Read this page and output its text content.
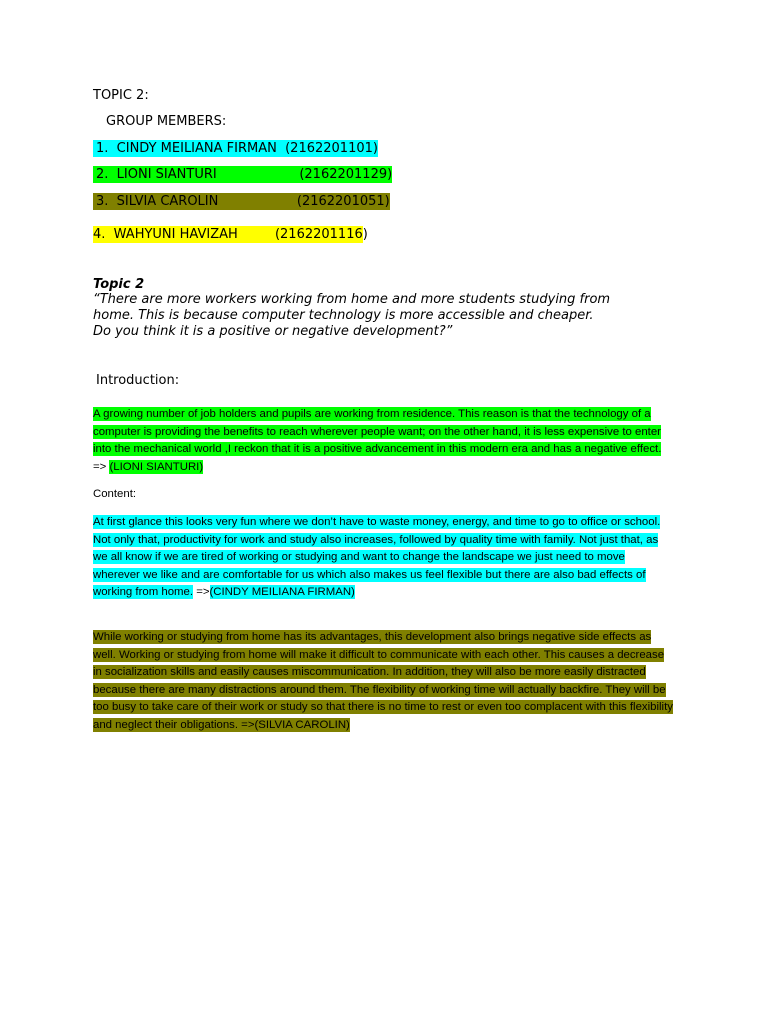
TOPIC 2:
GROUP MEMBERS:
1.  CINDY MEILIANA FIRMAN  (2162201101)
2.  LIONI SIANTURI                    (2162201129)
3.  SILVIA CAROLIN                   (2162201051)
4.  WAHYUNI HAVIZAH         (2162201116)
Topic 2
“There are more workers working from home and more students studying from
home. This is because computer technology is more accessible and cheaper.
Do you think it is a positive or negative development?”
Introduction:
A growing number of job holders and pupils are working from residence. This reason is that the technology of a computer is providing the benefits to reach wherever people want; on the other hand, it is less expensive to enter into the mechanical world ,I reckon that it is a positive advancement in this modern era and has a negative effect. => (LIONI SIANTURI)
Content:
At first glance this looks very fun where we don’t have to waste money, energy, and time to go to office or school. Not only that, productivity for work and study also increases, followed by quality time with family. Not just that, as we all know if we are tired of working or studying and want to change the landscape we just need to move wherever we like and are comfortable for us which also makes us feel flexible but there are also bad effects of working from home. =>(CINDY MEILIANA FIRMAN)
While working or studying from home has its advantages, this development also brings negative side effects as well. Working or studying from home will make it difficult to communicate with each other. This causes a decrease in socialization skills and easily causes miscommunication. In addition, they will also be more easily distracted because there are many distractions around them. The flexibility of working time will actually backfire. They will be too busy to take care of their work or study so that there is no time to rest or even too complacent with this flexibility and neglect their obligations. =>(SILVIA CAROLIN)
